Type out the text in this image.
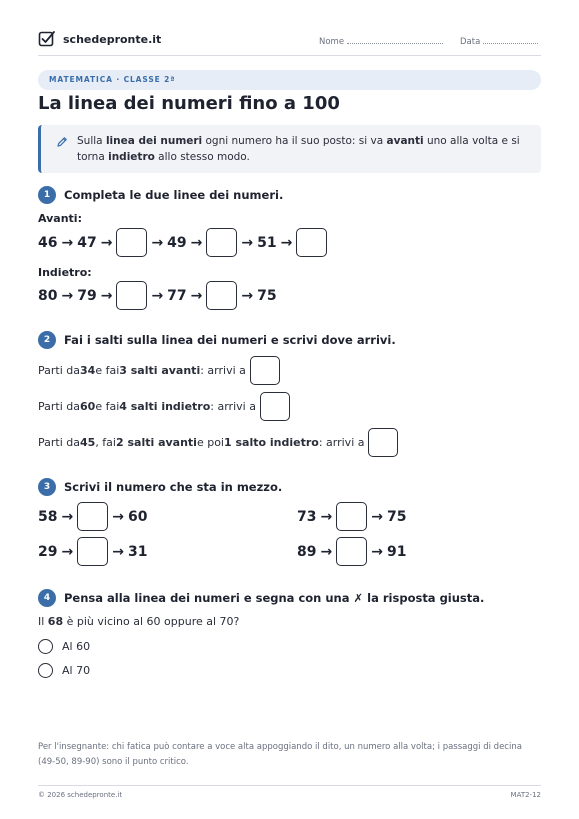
schedepronte.it	Nome	Data
MATEMATICA · CLASSE 2ª
La linea dei numeri fino a 100
Sulla linea dei numeri ogni numero ha il suo posto: si va avanti uno alla volta e si torna indietro allo stesso modo.
1	Completa le due linee dei numeri.
Avanti:
46 → 47 →	→ 49 →	→ 51 →
Indietro:
80 → 79 →	→ 77 →	→ 75
2	Fai i salti sulla linea dei numeri e scrivi dove arrivi.
Parti da 34 e fai 3 salti avanti : arrivi a
Parti da 60 e fai 4 salti indietro : arrivi a
Parti da 45 , fai 2 salti avanti e poi 1 salto indietro : arrivi a
3	Scrivi il numero che sta in mezzo.
58 →	→ 60	73 →	→ 75
29 →	→ 31	89 →	→ 91
4	Pensa alla linea dei numeri e segna con una ✗ la risposta giusta.
Il 68 è più vicino al 60 oppure al 70?
Al 60
Al 70
Per l'insegnante: chi fatica può contare a voce alta appoggiando il dito, un numero alla volta; i passaggi di decina (49-50, 89-90) sono il punto critico.
© 2026 schedepronte.it	MAT2-12
